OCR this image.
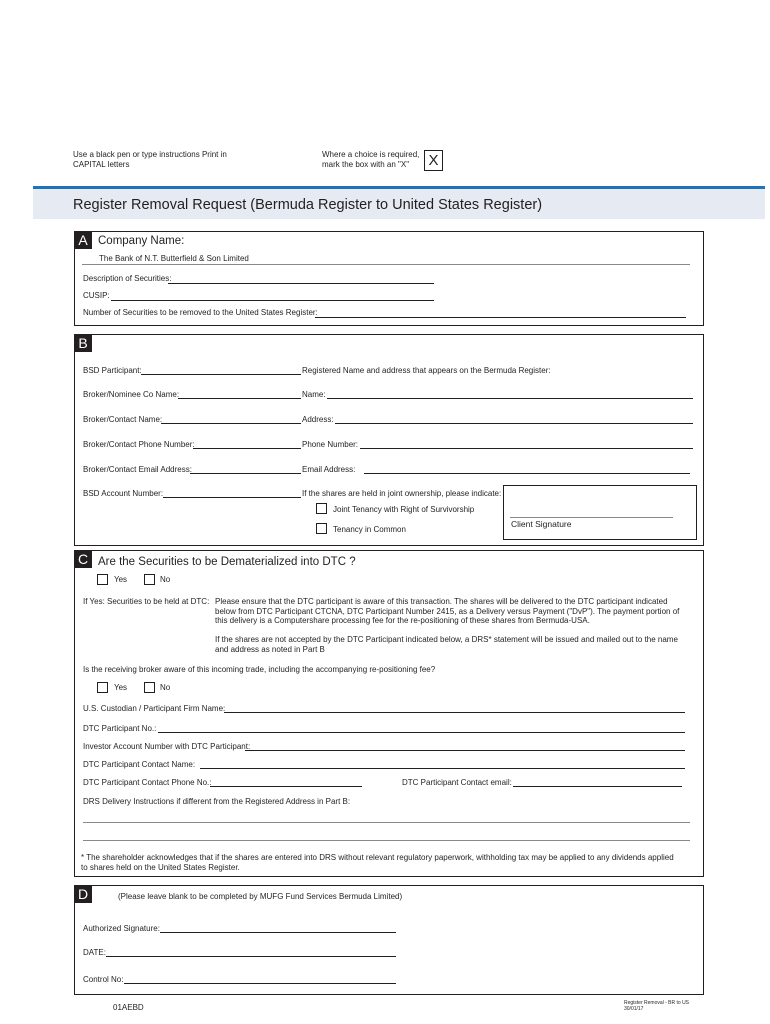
Use a black pen or type instructions Print in CAPITAL letters
Where a choice is required, mark the box with an "X"	X
Register Removal Request (Bermuda Register to United States Register)
A Company Name:
The Bank of N.T. Butterfield & Son Limited
Description of Securities:
CUSIP:
Number of Securities to be removed to the United States Register:
B
BSD Participant:	Registered Name and address that appears on the Bermuda Register:
Broker/Nominee Co Name:	Name:
Broker/Contact Name:	Address:
Broker/Contact Phone Number:	Phone Number:
Broker/Contact Email Address:	Email Address:
BSD Account Number:	If the shares are held in joint ownership, please indicate:
Joint Tenancy with Right of Survivorship
Tenancy in Common
Client Signature
C Are the Securities to be Dematerialized into DTC ?
Yes	No
If Yes: Securities to be held at DTC: Please ensure that the DTC participant is aware of this transaction. The shares will be delivered to the DTC participant indicated below from DTC Participant CTCNA, DTC Participant Number 2415, as a Delivery versus Payment ("DvP"). The payment portion of this delivery is a Computershare processing fee for the re-positioning of these shares from Bermuda-USA.
If the shares are not accepted by the DTC Participant indicated below, a DRS* statement will be issued and mailed out to the name and address as noted in Part B
Is the receiving broker aware of this incoming trade, including the accompanying re-positioning fee?
Yes	No
U.S. Custodian / Participant Firm Name:
DTC Participant No.:
Investor Account Number with DTC Participant:
DTC Participant Contact Name:
DTC Participant Contact Phone No.:	DTC Participant Contact email:
DRS Delivery Instructions if different from the Registered Address in Part B:
* The shareholder acknowledges that if the shares are entered into DRS without relevant regulatory paperwork, withholding tax may be applied to any dividends applied to shares held on the United States Register.
D	(Please leave blank to be completed by MUFG Fund Services Bermuda Limited)
Authorized Signature:
DATE:
Control No:
01AEBD	Register Removal - BR to US
30/01/17
